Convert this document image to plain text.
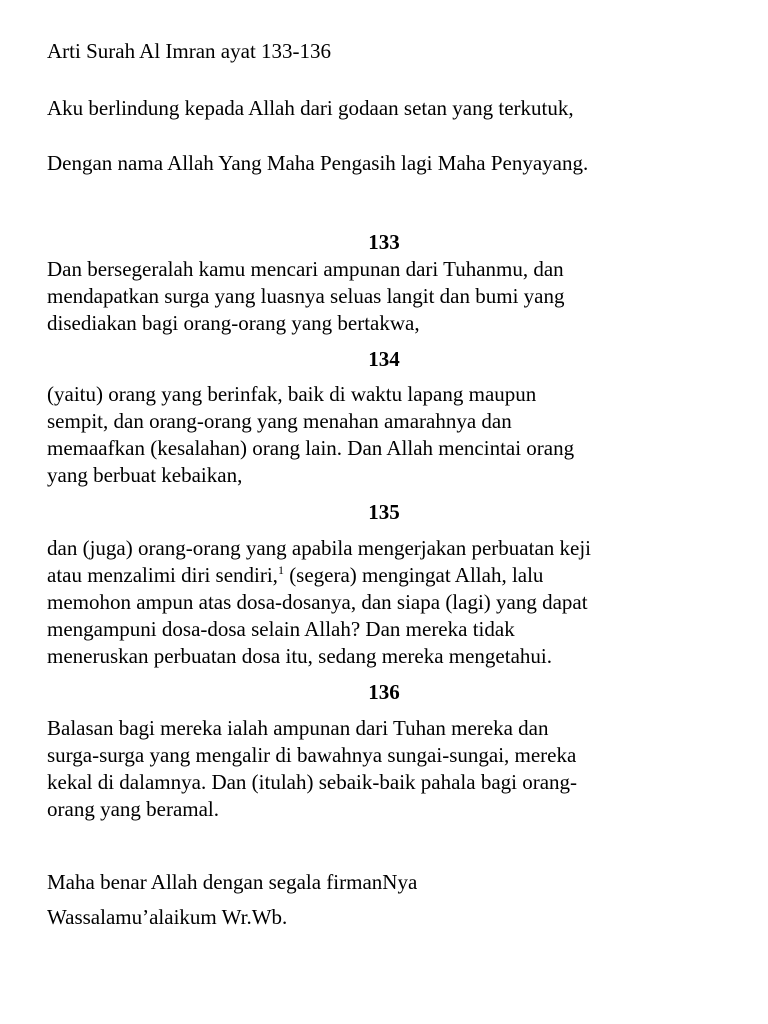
Arti Surah Al Imran ayat 133-136
Aku berlindung kepada Allah dari godaan setan yang terkutuk,
Dengan nama Allah Yang Maha Pengasih lagi Maha Penyayang.
133
Dan bersegeralah kamu mencari ampunan dari Tuhanmu, dan
mendapatkan surga yang luasnya seluas langit dan bumi yang
disediakan bagi orang-orang yang bertakwa,
134
(yaitu) orang yang berinfak, baik di waktu lapang maupun
sempit, dan orang-orang yang menahan amarahnya dan
memaafkan (kesalahan) orang lain. Dan Allah mencintai orang
yang berbuat kebaikan,
135
dan (juga) orang-orang yang apabila mengerjakan perbuatan keji
atau menzalimi diri sendiri,$^1$ (segera) mengingat Allah, lalu
memohon ampun atas dosa-dosanya, dan siapa (lagi) yang dapat
mengampuni dosa-dosa selain Allah? Dan mereka tidak
meneruskan perbuatan dosa itu, sedang mereka mengetahui.
136
Balasan bagi mereka ialah ampunan dari Tuhan mereka dan
surga-surga yang mengalir di bawahnya sungai-sungai, mereka
kekal di dalamnya. Dan (itulah) sebaik-baik pahala bagi orang-
orang yang beramal.
Maha benar Allah dengan segala firmanNya
Wassalamu’alaikum Wr.Wb.
